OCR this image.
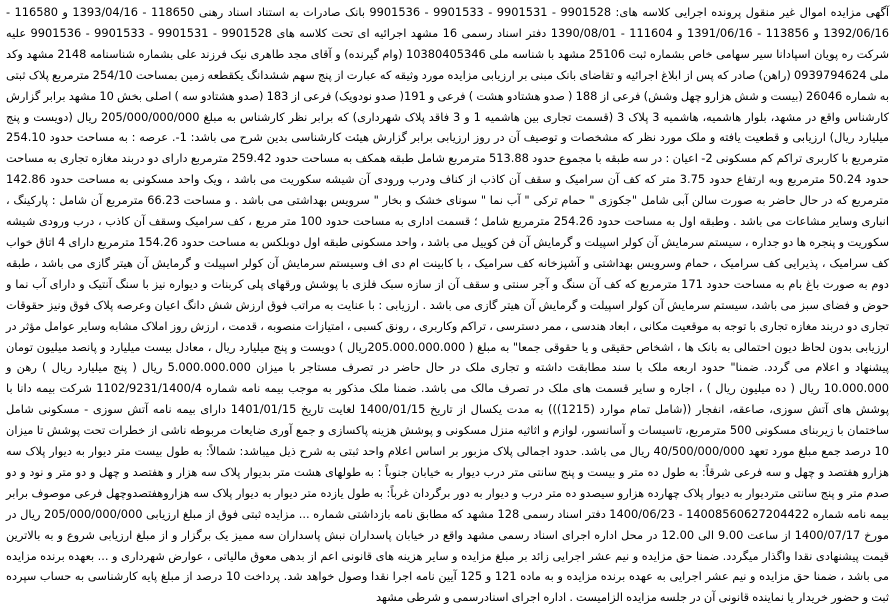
آگهی مزایده اموال غیر منقول پرونده اجرایی کلاسه های: 9901528 - 9901531 - 9901533 - 9901536 بانک صادرات به استناد اسناد رهنی 118650 - 1393/04/16 و 116580 - 1392/06/16 و 113856 - 1391/06/16 و 111604 - 1390/08/01 دفتر اسناد رسمی 16 مشهد اجرائیه ای تحت کلاسه های 9901528 - 9901531 - 9901533 - 9901536 علیه شرکت ره پویان اسپادانا سیر سهامی خاص بشماره ثبت 25106 مشهد با شناسه ملی 10380405346 (وام گیرنده) و آقای مجد طاهری نیک فرزند علی بشماره شناسنامه 2148 مشهد وکد ملی 0939794624 (راهن) صادر که پس از ابلاغ اجرائیه و تقاضای بانک مبنی بر ارزیابی مزایده مورد وثیقه که عبارت از پنج سهم ششدانگ یکقطعه زمین بمساحت 254/10 مترمربع پلاک ثبتی به شماره 26046 (بیست و شش هزارو چهل وشش) فرعی از 188 ( صدو هشتادو هشت ) فرعی و 191( صدو نودویک) فرعی از 183 (صدو هشتادو سه ) اصلی بخش 10 مشهد برابر گزارش کارشناس واقع در مشهد، بلوار هاشمیه، هاشمیه 3 پلاک 3 (قسمت تجاری بین هاشمیه 1 و 3 فاقد پلاک شهرداری) که برابر نظر کارشناس به مبلغ 205/000/000/000 ریال (دویست و پنج میلیارد ریال) ارزیابی و قطعیت یافته و ملک مورد نظر که مشخصات و توصیف آن در روز ارزیابی برابر گزارش هیئت کارشناسی بدین شرح می باشد: 1-. عرصه : به مساحت حدود 254.10 مترمربع با کاربری تراکم کم مسکونی 2- اعیان : در سه طبقه با مجموع حدود 513.88 مترمربع شامل طبقه همکف به مساحت حدود 259.42 مترمربع دارای دو دربند مغازه تجاری به مساحت حدود 50.24 مترمربع وبه ارتفاع حدود 3.75 متر که کف آن سرامیک و سقف آن کاذب از کناف ودرب ورودی آن شیشه سکوریت می باشد ، ویک واحد مسکونی به مساحت حدود 142.86 مترمربع که در حال حاضر به صورت سالن آبی شامل "جکوزی " حمام ترکی " آب نما " سونای خشک و بخار " سرویس بهداشتی می باشد . و مساحت 66.23 مترمربع آن شامل : پارکینگ ، انباری وسایر مشاعات می باشد . وطبقه اول به مساحت حدود 254.26 مترمربع شامل ؛ قسمت اداری به مساحت حدود 100 متر مربع ، کف سرامیک وسقف آن کاذب ، درب ورودی شیشه سکوریت و پنجره ها دو جداره ، سیستم سرمایش آن کولر اسپیلت و گرمایش آن فن کوییل می باشد ، واحد مسکونی طبقه اول دوبلکس به مساحت حدود 154.26 مترمربع دارای 4 اتاق خواب کف سرامیک ، پذیرایی کف سرامیک ، حمام وسرویس بهداشتی و آشپزخانه کف سرامیک ، با کابینت ام دی اف وسیستم سرمایش آن کولر اسپیلت و گرمایش آن هیتر گازی می باشد ، طبقه دوم به صورت باغ بام به مساحت حدود 171 مترمربع که کف آن سنگ و آجر سنتی و سقف آن از سازه سبک فلزی با پوشش ورقهای پلی کربنات و دیواره نیز با سنگ آنتیک و دارای آب نما و حوض و فضای سبز می باشد، سیستم سرمایش آن کولر اسپیلت و گرمایش آن هیتر گازی می باشد . ارزیابی : با عنایت به مراتب فوق ارزش شش دانگ اعیان وعرصه پلاک فوق ونیز حقوقات تجاری دو دربند مغازه تجاری با توجه به موقعیت مکانی ، ابعاد هندسی ، ممر دسترسی ، تراکم وکاربری ، رونق کسبی ، امتیازات منصوبه ، قدمت ، ارزش روز املاک مشابه وسایر عوامل مؤثر در ارزیابی بدون لحاظ دیون احتمالی به بانک ها ، اشخاص حقیقی و یا حقوقی جمعا" به مبلغ ( 205.000.000.000ریال ) دویست و پنج میلیارد ریال ، معادل بیست میلیارد و پانصد میلیون تومان پیشنهاد و اعلام می گردد. ضمنا" حدود اربعه ملک با سند مطابقت داشته و تجاری ملک در حال حاضر در تصرف مستاجر با میزان 5.000.000.000 ریال ( پنج میلیارد ریال ) رهن و 10.000.000 ریال ( ده میلیون ریال ) ، اجاره و سایر قسمت های ملک در تصرف مالک می باشد. ضمنا ملک مذکور به موجب بیمه نامه شماره 1102/9231/1400/4 شرکت بیمه دانا با پوشش های آتش سوزی، صاعقه، انفجار ((شامل تمام موارد (1215))) به مدت یکسال از تاریخ 1400/01/15 لغایت تاریخ 1401/01/15 دارای بیمه نامه آتش سوزی - مسکونی شامل ساختمان با زیربنای مسکونی 500 مترمربع، تاسیسات و آسانسور، لوازم و اثاثیه منزل مسکونی و پوشش هزینه پاکسازی و جمع آوری ضایعات مربوطه ناشی از خطرات تحت پوشش تا میزان 10 درصد جمع مبلغ مورد تعهد 40/500/000/000 ریال می باشد. حدود اجمالی پلاک مزبور بر اساس اعلام واحد ثبتی به شرح ذیل میباشد: شمالاً: به طول بیست متر دیوار به دیوار پلاک سه هزارو هفتصد و چهل و سه فرعی شرقاً: به طول ده متر و بیست و پنج سانتی متر درب دیوار به خیابان جنوباً : به طولهای هشت متر بدیوار پلاک سه هزار و هفتصد و چهل و دو متر و نود و دو صدم متر و پنج سانتی متردیوار به دیوار پلاک چهارده هزارو سیصدو ده متر درب و دیوار به دور برگردان غرباً: به طول یازده متر دیوار به دیوار پلاک سه هزاروهفتصدوچهل فرعی موصوف برابر بیمه نامه شماره 14008560627204422 - 1400/06/23 دفتر اسناد رسمی 128 مشهد که مطابق نامه بازداشتی شماره ... مزایده ثبتی فوق از مبلغ ارزیابی 205/000/000/000 ریال در مورخ 1400/07/17 از ساعت 9.00 الی 12.00 در محل اداره اجرای اسناد رسمی مشهد واقع در خیابان پاسداران نبش پاسداران سه ممیز یک برگزار و از مبلغ ارزیابی شروع و به بالاترین قیمت پیشنهادی نقدا واگذار میگردد. ضمنا حق مزایده و نیم عشر اجرایی زائد بر مبلغ مزایده و سایر هزینه های قانونی اعم از بدهی معوق مالیاتی ، عوارض شهرداری و ... بعهده برنده مزایده می باشد ، ضمنا حق مزایده و نیم عشر اجرایی به عهده برنده مزایده و به ماده 121 و 125 آیین نامه اجرا نقدا وصول خواهد شد. پرداخت 10 درصد از مبلغ پایه کارشناسی به حساب سپرده ثبت و حضور خریدار یا نماینده قانونی آن در جلسه مزایده الزامیست . اداره اجرای اسنادرسمی و شرطی مشهد
